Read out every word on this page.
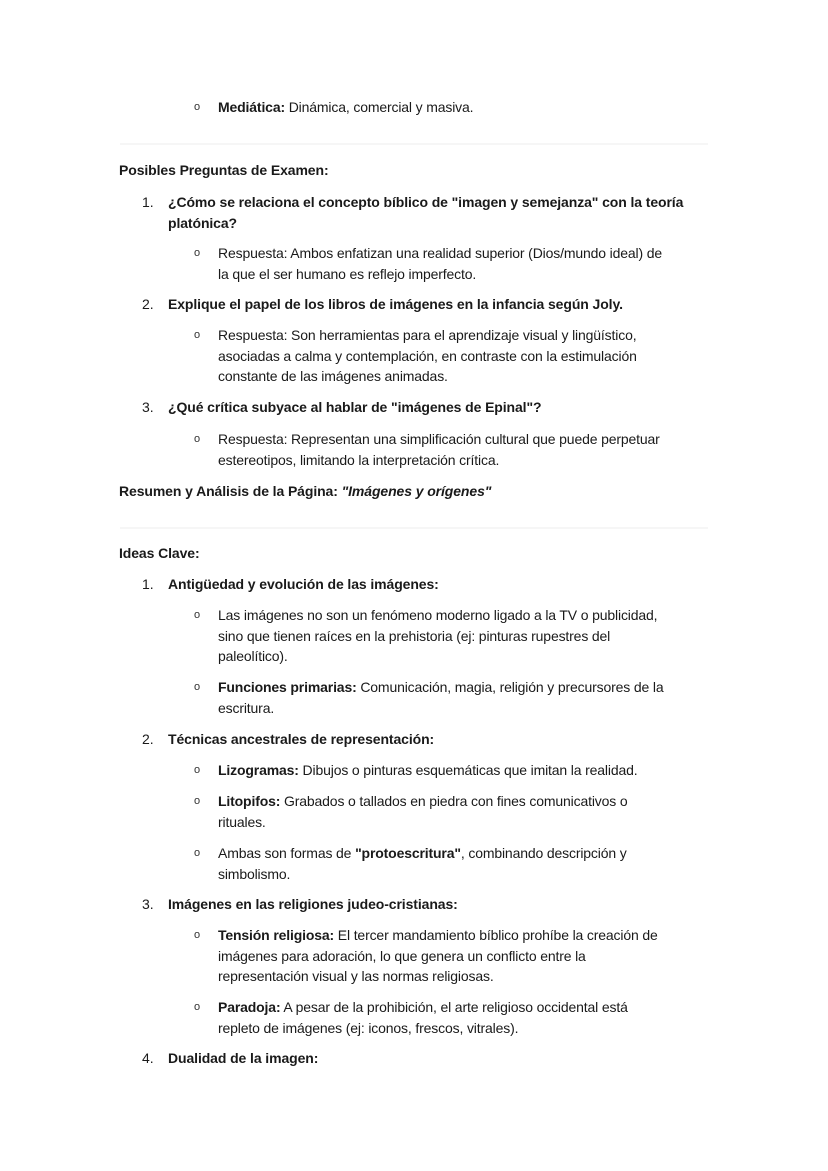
o	Mediática: Dinámica, comercial y masiva.
Posibles Preguntas de Examen:
1.	¿Cómo se relaciona el concepto bíblico de "imagen y semejanza" con la teoría
platónica?
o	Respuesta: Ambos enfatizan una realidad superior (Dios/mundo ideal) de
la que el ser humano es reflejo imperfecto.
2.	Explique el papel de los libros de imágenes en la infancia según Joly.
o	Respuesta: Son herramientas para el aprendizaje visual y lingüístico,
asociadas a calma y contemplación, en contraste con la estimulación
constante de las imágenes animadas.
3.	¿Qué crítica subyace al hablar de "imágenes de Epinal"?
o	Respuesta: Representan una simplificación cultural que puede perpetuar
estereotipos, limitando la interpretación crítica.
Resumen y Análisis de la Página: "Imágenes y orígenes"
Ideas Clave:
1.	Antigüedad y evolución de las imágenes:
o	Las imágenes no son un fenómeno moderno ligado a la TV o publicidad,
sino que tienen raíces en la prehistoria (ej: pinturas rupestres del
paleolítico).
o	Funciones primarias: Comunicación, magia, religión y precursores de la
escritura.
2.	Técnicas ancestrales de representación:
o	Lizogramas: Dibujos o pinturas esquemáticas que imitan la realidad.
o	Litopifos: Grabados o tallados en piedra con fines comunicativos o
rituales.
o	Ambas son formas de "protoescritura", combinando descripción y
simbolismo.
3.	Imágenes en las religiones judeo-cristianas:
o	Tensión religiosa: El tercer mandamiento bíblico prohíbe la creación de
imágenes para adoración, lo que genera un conflicto entre la
representación visual y las normas religiosas.
o	Paradoja: A pesar de la prohibición, el arte religioso occidental está
repleto de imágenes (ej: iconos, frescos, vitrales).
4.	Dualidad de la imagen:
